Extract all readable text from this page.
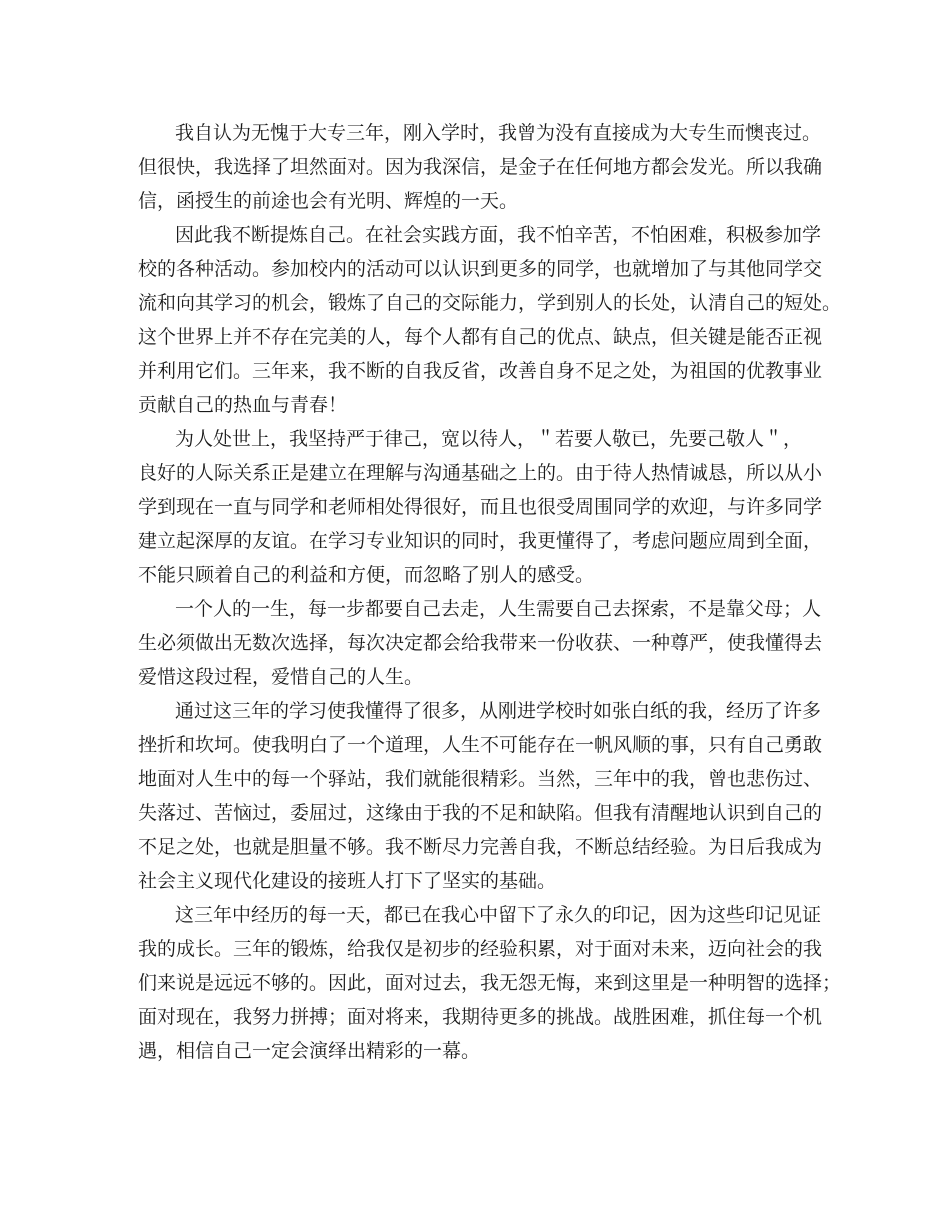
我自认为无愧于大专三年，刚入学时，我曾为没有直接成为大专生而懊丧过。
但很快，我选择了坦然面对。因为我深信，是金子在任何地方都会发光。所以我确
信，函授生的前途也会有光明、辉煌的一天。
因此我不断提炼自己。在社会实践方面，我不怕辛苦，不怕困难，积极参加学
校的各种活动。参加校内的活动可以认识到更多的同学，也就增加了与其他同学交
流和向其学习的机会，锻炼了自己的交际能力，学到别人的长处，认清自己的短处。
这个世界上并不存在完美的人，每个人都有自己的优点、缺点，但关键是能否正视
并利用它们。三年来，我不断的自我反省，改善自身不足之处，为祖国的优教事业
贡献自己的热血与青春！
为人处世上，我坚持严于律己，宽以待人，＂若要人敬已，先要己敬人＂，
良好的人际关系正是建立在理解与沟通基础之上的。由于待人热情诚恳，所以从小
学到现在一直与同学和老师相处得很好，而且也很受周围同学的欢迎，与许多同学
建立起深厚的友谊。在学习专业知识的同时，我更懂得了，考虑问题应周到全面，
不能只顾着自己的利益和方便，而忽略了别人的感受。
一个人的一生，每一步都要自己去走，人生需要自己去探索，不是靠父母；人
生必须做出无数次选择，每次决定都会给我带来一份收获、一种尊严，使我懂得去
爱惜这段过程，爱惜自己的人生。
通过这三年的学习使我懂得了很多，从刚进学校时如张白纸的我，经历了许多
挫折和坎坷。使我明白了一个道理，人生不可能存在一帆风顺的事，只有自己勇敢
地面对人生中的每一个驿站，我们就能很精彩。当然，三年中的我，曾也悲伤过、
失落过、苦恼过，委屈过，这缘由于我的不足和缺陷。但我有清醒地认识到自己的
不足之处，也就是胆量不够。我不断尽力完善自我，不断总结经验。为日后我成为
社会主义现代化建设的接班人打下了坚实的基础。
这三年中经历的每一天，都已在我心中留下了永久的印记，因为这些印记见证
我的成长。三年的锻炼，给我仅是初步的经验积累，对于面对未来，迈向社会的我
们来说是远远不够的。因此，面对过去，我无怨无悔，来到这里是一种明智的选择；
面对现在，我努力拼搏；面对将来，我期待更多的挑战。战胜困难，抓住每一个机
遇，相信自己一定会演绎出精彩的一幕。
